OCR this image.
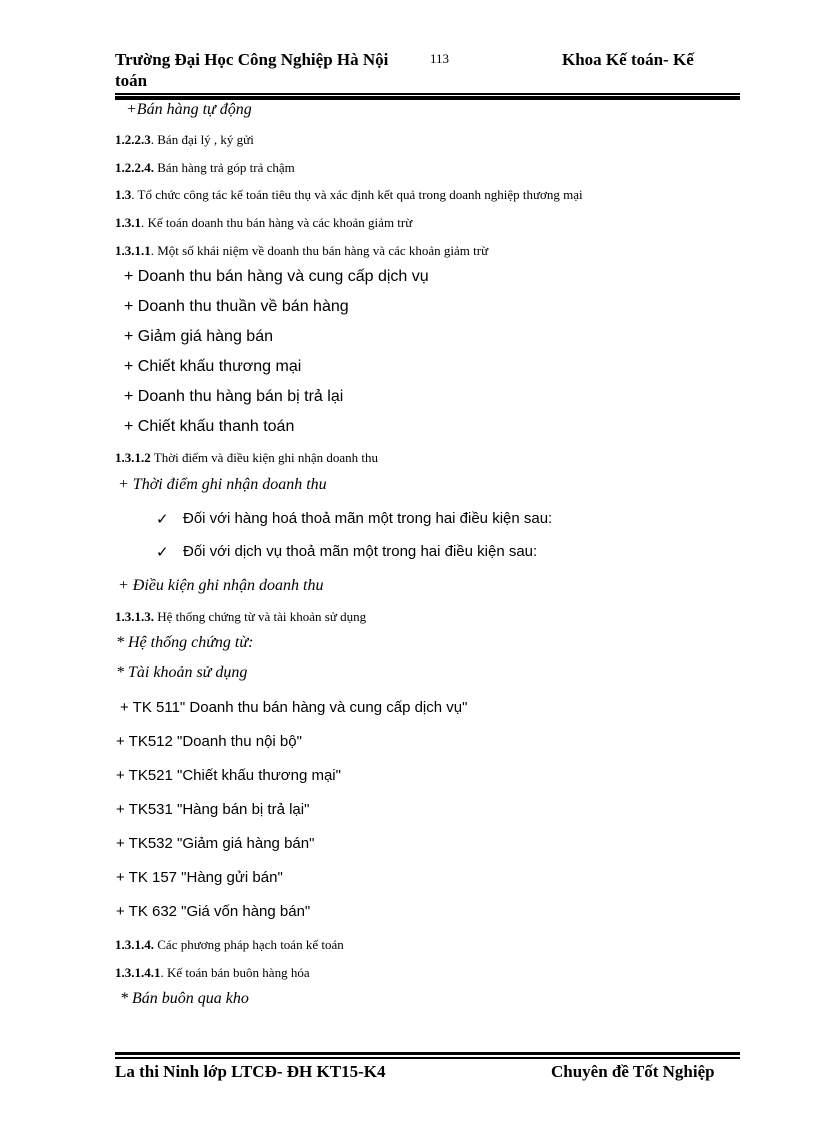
Trường Đại Học Công Nghiệp Hà Nội	113	Khoa Kế toán- Kế
toán
+Bán hàng tự động
1.2.2.3. Bán đại lý , ký gửi
1.2.2.4. Bán hàng trả góp trả chậm
1.3. Tổ chức công tác kế toán tiêu thụ và xác định kết quả trong doanh nghiệp thương mại
1.3.1. Kế toán doanh thu bán hàng và các khoản giảm trừ
1.3.1.1. Một số khái niệm về doanh thu bán hàng và các khoản giảm trừ
+ Doanh thu bán hàng và cung cấp dịch vụ
+ Doanh thu thuần về bán hàng
+ Giảm giá hàng bán
+ Chiết khấu thương mại
+ Doanh thu hàng bán bị trả lại
+ Chiết khấu thanh toán
1.3.1.2 Thời điểm và điều kiện ghi nhận doanh thu
+ Thời điểm ghi nhận doanh thu
✓ Đối với hàng hoá thoả mãn một trong hai điều kiện sau:
✓ Đối với dịch vụ thoả mãn một trong hai điều kiện sau:
+ Điều kiện ghi nhận doanh thu
1.3.1.3. Hệ thống chứng từ và tài khoản sử dụng
* Hệ thống chứng từ:
* Tài khoản sử dụng
+ TK 511" Doanh thu bán hàng và cung cấp dịch vụ"
+ TK512 "Doanh thu nội bộ"
+ TK521 "Chiết khấu thương mại"
+ TK531 "Hàng bán bị trả lại"
+ TK532 "Giảm giá hàng bán"
+ TK 157 "Hàng gửi bán"
+ TK 632 "Giá vốn hàng bán"
1.3.1.4. Các phương pháp hạch toán kế toán
1.3.1.4.1. Kế toán bán buôn hàng hóa
* Bán buôn qua kho
La thi Ninh lớp LTCĐ- ĐH KT15-K4	Chuyên đề Tốt Nghiệp
